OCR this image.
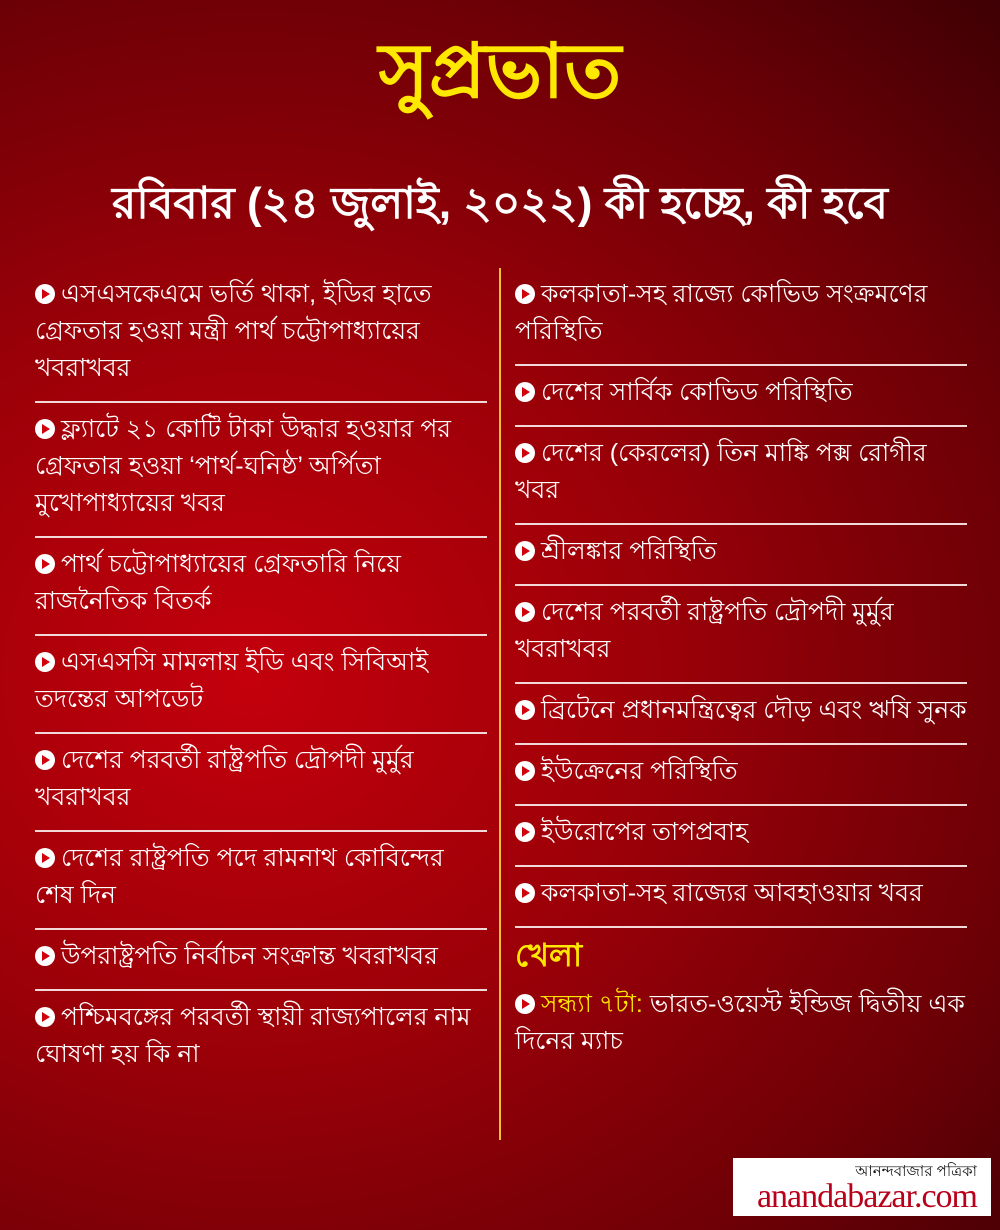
সুপ্রভাত
রবিবার (২৪ জুলাই, ২০২২) কী হচ্ছে, কী হবে
এসএসকেএমে ভর্তি থাকা, ইডির হাতে গ্রেফতার হওয়া মন্ত্রী পার্থ চট্টোপাধ্যায়ের খবরাখবর
ফ্ল্যাটে ২১ কোটি টাকা উদ্ধার হওয়ার পর গ্রেফতার হওয়া ‘পার্থ-ঘনিষ্ঠ’ অর্পিতা মুখোপাধ্যায়ের খবর
পার্থ চট্টোপাধ্যায়ের গ্রেফতারি নিয়ে রাজনৈতিক বিতর্ক
এসএসসি মামলায় ইডি এবং সিবিআই তদন্তের আপডেট
দেশের পরবর্তী রাষ্ট্রপতি দ্রৌপদী মুর্মুর খবরাখবর
দেশের রাষ্ট্রপতি পদে রামনাথ কোবিন্দের শেষ দিন
উপরাষ্ট্রপতি নির্বাচন সংক্রান্ত খবরাখবর
পশ্চিমবঙ্গের পরবর্তী স্থায়ী রাজ্যপালের নাম ঘোষণা হয় কি না
কলকাতা-সহ রাজ্যে কোভিড সংক্রমণের পরিস্থিতি
দেশের সার্বিক কোভিড পরিস্থিতি
দেশের (কেরলের) তিন মাঙ্কি পক্স রোগীর খবর
শ্রীলঙ্কার পরিস্থিতি
দেশের পরবর্তী রাষ্ট্রপতি দ্রৌপদী মুর্মুর খবরাখবর
ব্রিটেনে প্রধানমন্ত্রিত্বের দৌড় এবং ঋষি সুনক
ইউক্রেনের পরিস্থিতি
ইউরোপের তাপপ্রবাহ
কলকাতা-সহ রাজ্যের আবহাওয়ার খবর
খেলা
সন্ধ্যা ৭টা: ভারত-ওয়েস্ট ইন্ডিজ দ্বিতীয় এক দিনের ম্যাচ
আনন্দবাজার পত্রিকা
anandabazar.com
